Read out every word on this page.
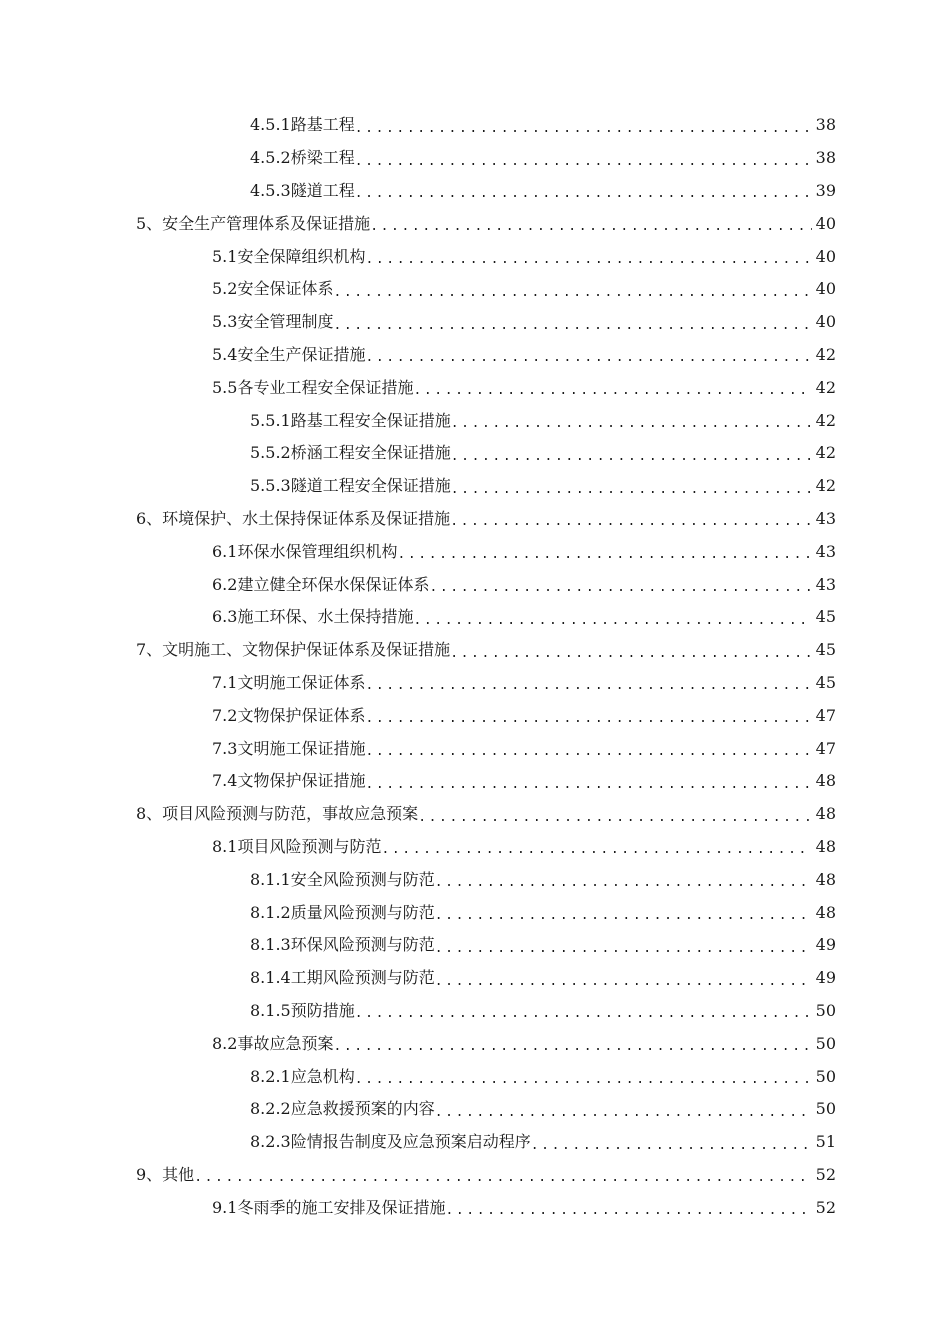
4.5.1路基工程 .....	38
4.5.2桥梁工程 .....	38
4.5.3隧道工程 .....	39
5、安全生产管理体系及保证措施 .....	40
5.1安全保障组织机构 .....	40
5.2安全保证体系 .....	40
5.3安全管理制度 .....	40
5.4安全生产保证措施 .....	42
5.5各专业工程安全保证措施 .....	42
5.5.1路基工程安全保证措施 .....	42
5.5.2桥涵工程安全保证措施 .....	42
5.5.3隧道工程安全保证措施 .....	42
6、环境保护、水土保持保证体系及保证措施 .....	43
6.1环保水保管理组织机构 .....	43
6.2建立健全环保水保保证体系 .....	43
6.3施工环保、水土保持措施 .....	45
7、文明施工、文物保护保证体系及保证措施 .....	45
7.1文明施工保证体系 .....	45
7.2文物保护保证体系 .....	47
7.3文明施工保证措施 .....	47
7.4文物保护保证措施 .....	48
8、项目风险预测与防范，事故应急预案 .....	48
8.1项目风险预测与防范 .....	48
8.1.1安全风险预测与防范 .....	48
8.1.2质量风险预测与防范 .....	48
8.1.3环保风险预测与防范 .....	49
8.1.4工期风险预测与防范 .....	49
8.1.5预防措施 .....	50
8.2事故应急预案 .....	50
8.2.1应急机构 .....	50
8.2.2应急救援预案的内容 .....	50
8.2.3险情报告制度及应急预案启动程序 .....	51
9、其他 .....	52
9.1冬雨季的施工安排及保证措施 .....	52
